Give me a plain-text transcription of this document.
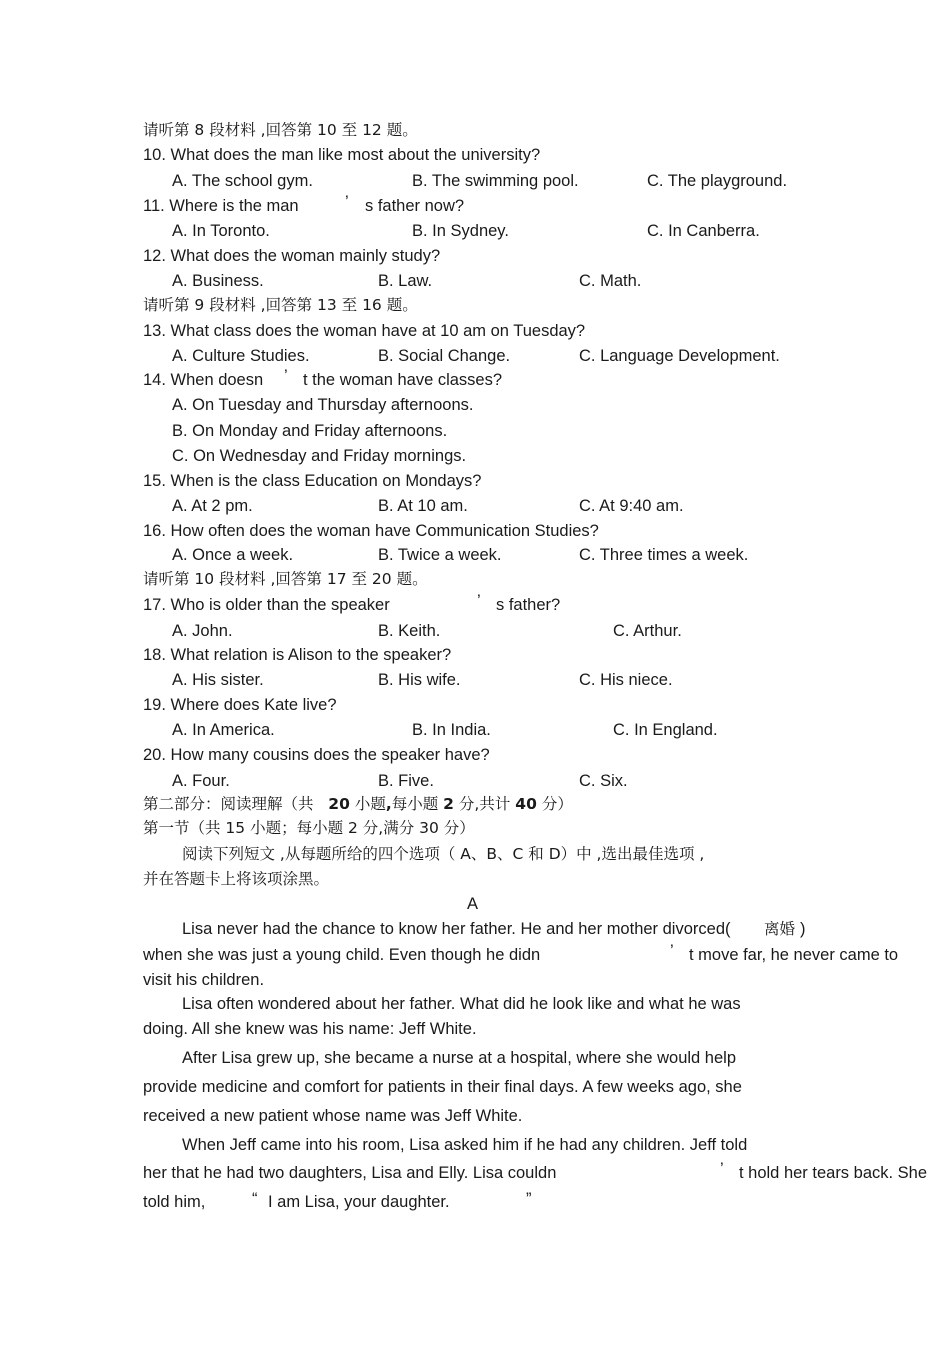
请听第 8 段材料 ,回答第 10 至 12 题。
10. What does the man like most about the university?
A. The school gym.	B. The swimming pool.	C. The playground.
11. Where is the man	’ s father now?
A. In Toronto.	B. In Sydney.	C. In Canberra.
12. What does the woman mainly study?
A. Business.	B. Law.	C. Math.
请听第 9 段材料 ,回答第 13 至 16 题。
13. What class does the woman have at 10 am on Tuesday?
A. Culture Studies.	B. Social Change.	C. Language Development.
14. When doesn ’ t the woman have classes?
A. On Tuesday and Thursday afternoons.
B. On Monday and Friday afternoons.
C. On Wednesday and Friday mornings.
15. When is the class Education on Mondays?
A. At 2 pm.	B. At 10 am.	C. At 9:40 am.
16. How often does the woman have Communication Studies?
A. Once a week.	B. Twice a week.	C. Three times a week.
请听第 10 段材料 ,回答第 17 至 20 题。
17. Who is older than the speaker	’ s father?
A. John.	B. Keith.	C. Arthur.
18. What relation is Alison to the speaker?
A. His sister.	B. His wife.	C. His niece.
19. Where does Kate live?
A. In America.	B. In India.	C. In England.
20. How many cousins does the speaker have?
A. Four.	B. Five.	C. Six.
第二部分：阅读理解（共 20 小题,每小题 2 分,共计 40 分）
第一节（共 15 小题；每小题 2 分,满分 30 分）
阅读下列短文 ,从每题所给的四个选项（ A、B、C 和 D）中 ,选出最佳选项 ,
并在答题卡上将该项涂黑。
A
Lisa never had the chance to know her father. He and her mother divorced( 离婚 )
when she was just a young child. Even though he didn	’ t move far, he never came to
visit his children.
Lisa often wondered about her father. What did he look like and what he was
doing. All she knew was his name: Jeff White.
After Lisa grew up, she became a nurse at a hospital, where she would help
provide medicine and comfort for patients in their final days. A few weeks ago, she
received a new patient whose name was Jeff White.
When Jeff came into his room, Lisa asked him if he had any children. Jeff told
her that he had two daughters, Lisa and Elly. Lisa couldn	’ t hold her tears back. She
told him,	“ I am Lisa, your daughter.	”
